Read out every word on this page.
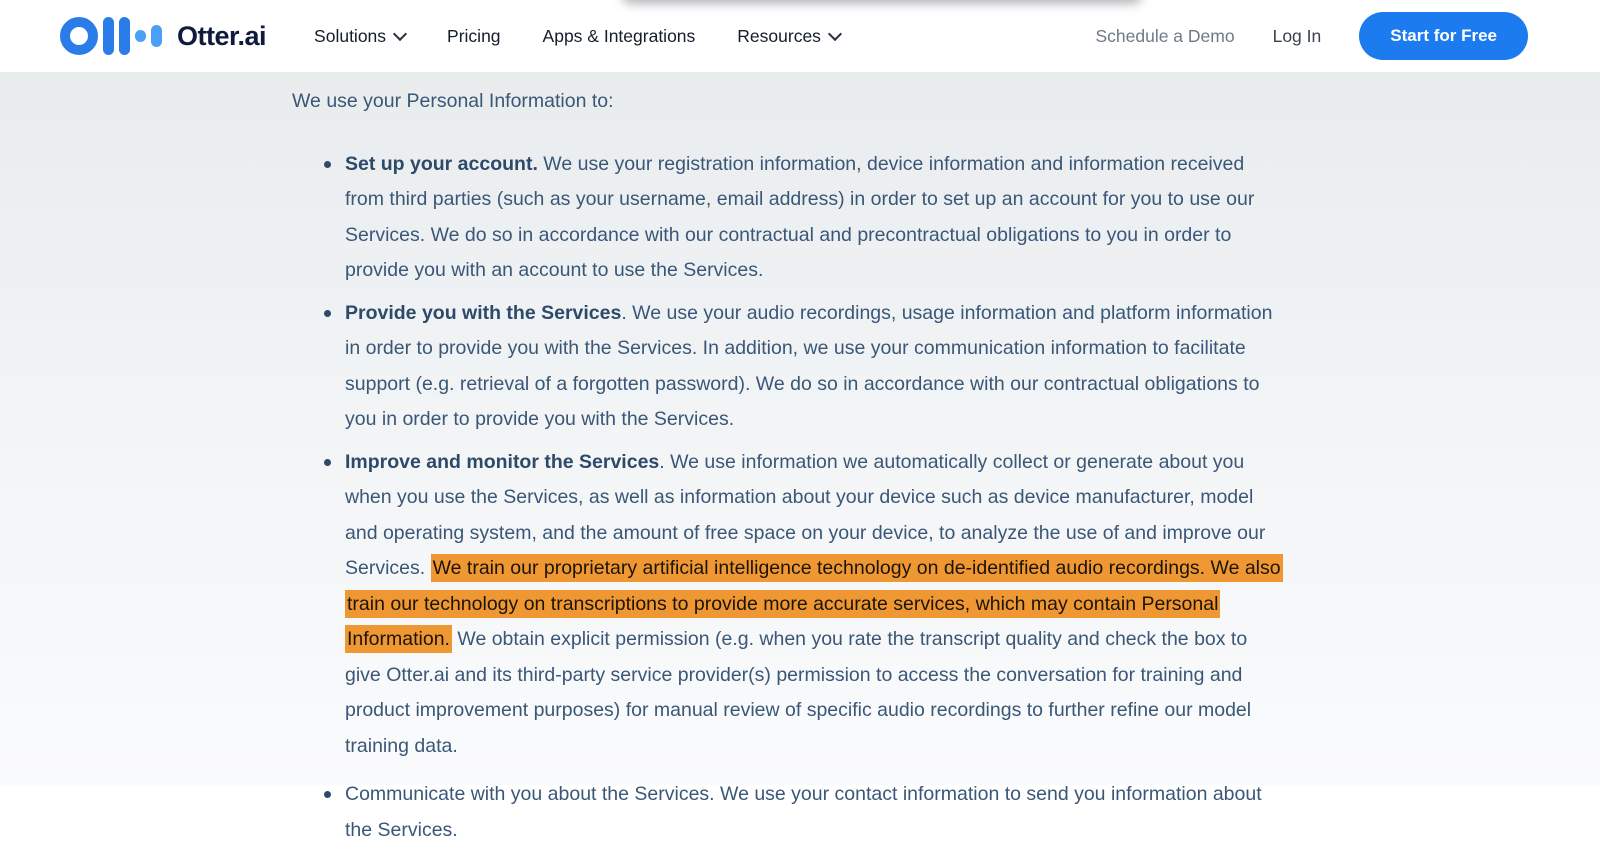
Otter.ai	Solutions	Pricing Apps & Integrations Resources	Schedule a Demo Log In	Start for Free

We use your Personal Information to:

Set up your account. We use your registration information, device information and information received from third parties (such as your username, email address) in order to set up an account for you to use our Services. We do so in accordance with our contractual and precontractual obligations to you in order to provide you with an account to use the Services.
Provide you with the Services. We use your audio recordings, usage information and platform information in order to provide you with the Services. In addition, we use your communication information to facilitate support (e.g. retrieval of a forgotten password). We do so in accordance with our contractual obligations to you in order to provide you with the Services.
Improve and monitor the Services. We use information we automatically collect or generate about you when you use the Services, as well as information about your device such as device manufacturer, model and operating system, and the amount of free space on your device, to analyze the use of and improve our Services. We train our proprietary artificial intelligence technology on de-identified audio recordings. We also train our technology on transcriptions to provide more accurate services, which may contain Personal Information. We obtain explicit permission (e.g. when you rate the transcript quality and check the box to give Otter.ai and its third-party service provider(s) permission to access the conversation for training and product improvement purposes) for manual review of specific audio recordings to further refine our model training data.
Communicate with you about the Services. We use your contact information to send you information about the Services.
